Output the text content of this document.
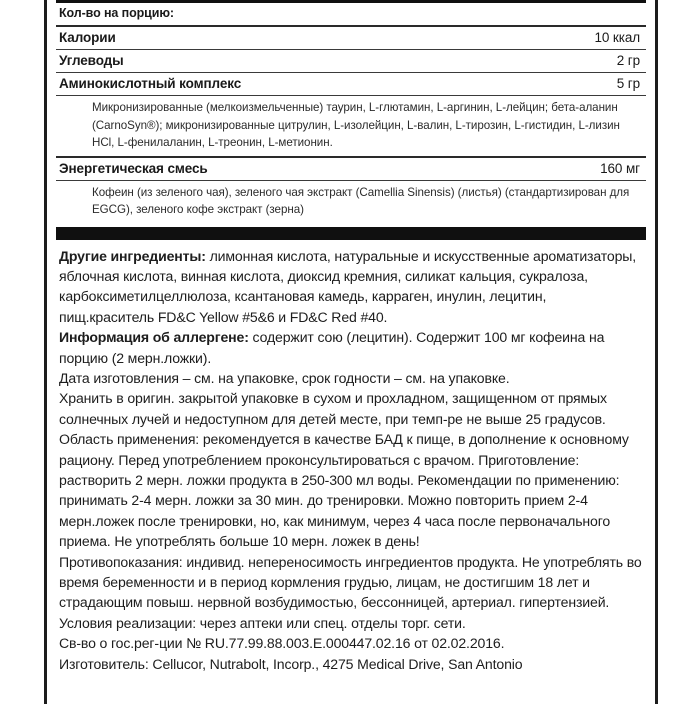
Кол-во на порцию:	
Калории	10 ккал
Углеводы	2 гр
Аминокислотный комплекс	5 гр
Микронизированные (мелкоизмельченные) таурин, L-глютамин, L-аргинин, L-лейцин; бета-аланин (CarnoSyn®); микронизированные цитрулин, L-изолейцин, L-валин, L-тирозин, L-гистидин, L-лизин HCl, L-фенилаланин, L-треонин, L-метионин.	
Энергетическая смесь	160 мг
Кофеин (из зеленого чая), зеленого чая экстракт (Camellia Sinensis) (листья) (стандартизирован для EGCG), зеленого кофе экстракт (зерна)	

Другие ингредиенты: лимонная кислота, натуральные и искусственные ароматизаторы, яблочная кислота, винная кислота, диоксид кремния, силикат кальция, сукралоза, карбоксиметилцеллюлоза, ксантановая камедь, карраген, инулин, лецитин, пищ.краситель FD&C Yellow #5&6 и FD&C Red #40.

Информация об аллергене: содержит сою (лецитин). Содержит 100 мг кофеина на порцию (2 мерн.ложки).

Дата изготовления – см. на упаковке, срок годности – см. на упаковке.

Хранить в оригин. закрытой упаковке в сухом и прохладном, защищенном от прямых солнечных лучей и недоступном для детей месте, при темп-ре не выше 25 градусов.

Область применения: рекомендуется в качестве БАД к пище, в дополнение к основному рациону. Перед употреблением проконсультироваться с врачом. Приготовление: растворить 2 мерн. ложки продукта в 250-300 мл воды. Рекомендации по применению: принимать 2-4 мерн. ложки за 30 мин. до тренировки. Можно повторить прием 2-4 мерн.ложек после тренировки, но, как минимум, через 4 часа после первоначального приема. Не употреблять больше 10 мерн. ложек в день!

Противопоказания: индивид. непереносимость ингредиентов продукта. Не употреблять во время беременности и в период кормления грудью, лицам, не достигшим 18 лет и страдающим повыш. нервной возбудимостью, бессонницей, артериал. гипертензией.

Условия реализации: через аптеки или спец. отделы торг. сети.

Св-во о гос.рег-ции № RU.77.99.88.003.Е.000447.02.16 от 02.02.2016.

Изготовитель: Cellucor, Nutrabolt, Incorp., 4275 Medical Drive, San Antonio
